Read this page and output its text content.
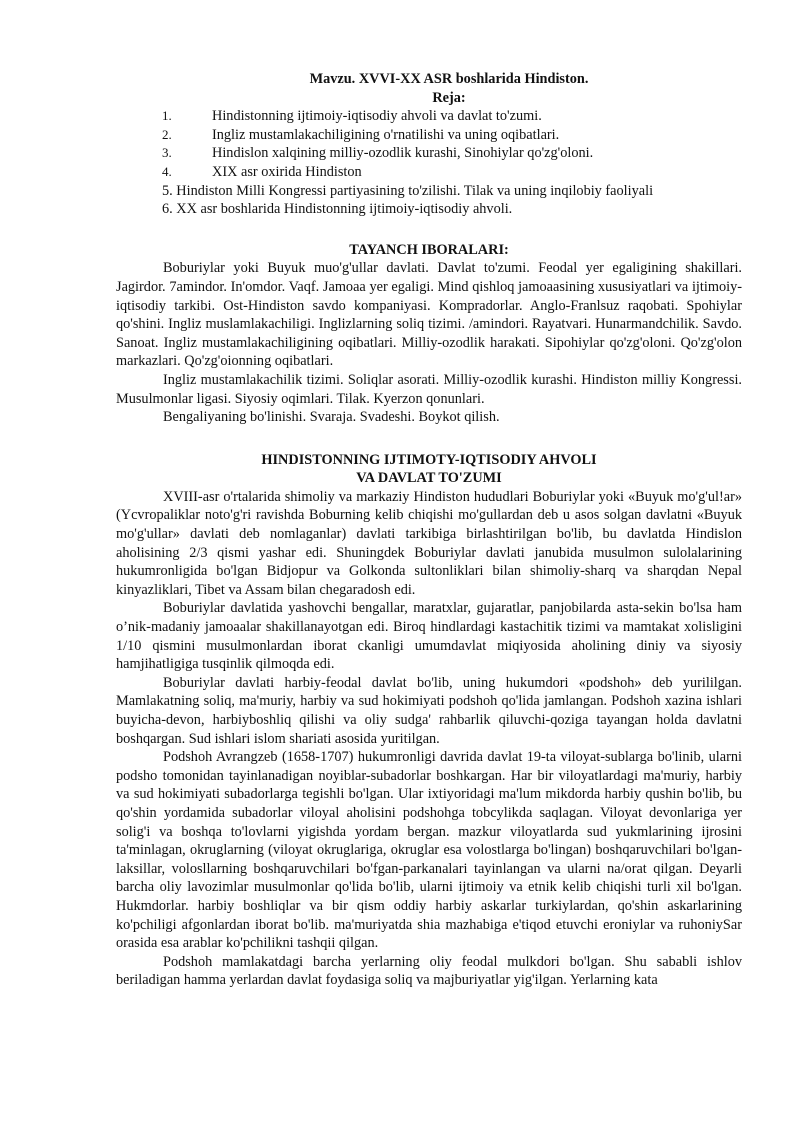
Mavzu. XVVI-XX ASR boshlarida Hindiston.
Reja:
1.	Hindistonning ijtimoiy-iqtisodiy ahvoli va davlat to'zumi.
2.	Ingliz mustamlakachiligining o'rnatilishi va uning oqibatlari.
3.	Hindislon xalqining milliy-ozodlik kurashi, Sinohiylar qo'zg'oloni.
4.	XIX asr oxirida Hindiston
5. Hindiston Milli Kongressi partiyasining to'zilishi. Tilak va uning inqilobiy faoliyali
6. XX asr boshlarida Hindistonning ijtimoiy-iqtisodiy ahvoli.
TAYANCH IBORALARI:

Boburiylar yoki Buyuk muo'g'ullar davlati. Davlat to'zumi. Feodal yer egaligining shakillari. Jagirdor. 7amindor. In'omdor. Vaqf. Jamoaa yer egaligi. Mind qishloq jamoaasining xususiyatlari va ijtimoiy-iqtisodiy tarkibi. Ost-Hindiston savdo kompaniyasi. Kompradorlar. Anglo-Franlsuz raqobati. Spohiylar qo'shini. Ingliz muslamlakachiligi. Inglizlarning soliq tizimi. /amindori. Rayatvari. Hunarmandchilik. Savdo. Sanoat. Ingliz mustamlakachiligining oqibatlari. Milliy-ozodlik harakati. Sipohiylar qo'zg'oloni. Qo'zg'olon markazlari. Qo'zg'oionning oqibatlari.

Ingliz mustamlakachilik tizimi. Soliqlar asorati. Milliy-ozodlik kurashi. Hindiston milliy Kongressi. Musulmonlar ligasi. Siyosiy oqimlari. Tilak. Kyerzon qonunlari.

Bengaliyaning bo'linishi. Svaraja. Svadeshi. Boykot qilish.

HINDISTONNING IJTIMOTY-IQTISODIY AHVOLI
VA DAVLAT TO'ZUMI

XVIII-asr o'rtalarida shimoliy va markaziy Hindiston hududlari Boburiylar yoki «Buyuk mo'g'ul!ar» (Ycvropaliklar noto'g'ri ravishda Boburning kelib chiqishi mo'gullardan deb u asos solgan davlatni «Buyuk mo'g'ullar» davlati deb nomlaganlar) davlati tarkibiga birlashtirilgan bo'lib, bu davlatda Hindislon aholisining 2/3 qismi yashar edi. Shuningdek Boburiylar davlati janubida musulmon sulolalarining hukumronligida bo'lgan Bidjopur va Golkonda sultonliklari bilan shimoliy-sharq va sharqdan Nepal kinyazliklari, Tibet va Assam bilan chegaradosh edi.

Boburiylar davlatida yashovchi bengallar, maratxlar, gujaratlar, panjobilarda asta-sekin bo'lsa ham o’nik-madaniy jamoaalar shakillanayotgan edi. Biroq hindlardagi kastachitik tizimi va mamtakat xolisligini 1/10 qismini musulmonlardan iborat ckanligi umumdavlat miqiyosida aholining diniy va siyosiy hamjihatligiga tusqinlik qilmoqda edi.

Boburiylar davlati harbiy-feodal davlat bo'lib, uning hukumdori «podshoh» deb yurililgan. Mamlakatning soliq, ma'muriy, harbiy va sud hokimiyati podshoh qo'lida jamlangan. Podshoh xazina ishlari buyicha-devon, harbiyboshliq qilishi va oliy sudga' rahbarlik qiluvchi-qoziga tayangan holda davlatni boshqargan. Sud ishlari islom shariati asosida yuritilgan.

Podshoh Avrangzeb (1658-1707) hukumronligi davrida davlat 19-ta viloyat-sublarga bo'linib, ularni podsho tomonidan tayinlanadigan noyiblar-subadorlar boshkargan. Har bir viloyatlardagi ma'muriy, harbiy va sud hokimiyati subadorlarga tegishli bo'lgan. Ular ixtiyoridagi ma'lum mikdorda harbiy qushin bo'lib, bu qo'shin yordamida subadorlar viloyal aholisini podshohga tobcylikda saqlagan. Viloyat devonlariga yer solig'i va boshqa to'lovlarni yigishda yordam bergan. mazkur viloyatlarda sud yukmlarining ijrosini ta'minlagan, okruglarning (viloyat okruglariga, okruglar esa volostlarga bo'lingan) boshqaruvchilari bo'lgan-laksillar, volosllarning boshqaruvchilari bo'fgan-parkanalari tayinlangan va ularni na/orat qilgan. Deyarli barcha oliy lavozimlar musulmonlar qo'lida bo'lib, ularni ijtimoiy va etnik kelib chiqishi turli xil bo'lgan. Hukmdorlar. harbiy boshliqlar va bir qism oddiy harbiy askarlar turkiylardan, qo'shin askarlarining ko'pchiligi afgonlardan iborat bo'lib. ma'muriyatda shia mazhabiga e'tiqod etuvchi eroniylar va ruhoniySar orasida esa arablar ko'pchilikni tashqii qilgan.

Podshoh mamlakatdagi barcha yerlarning oliy feodal mulkdori bo'lgan. Shu sababli ishlov beriladigan hamma yerlardan davlat foydasiga soliq va majburiyatlar yig'ilgan. Yerlarning kata
